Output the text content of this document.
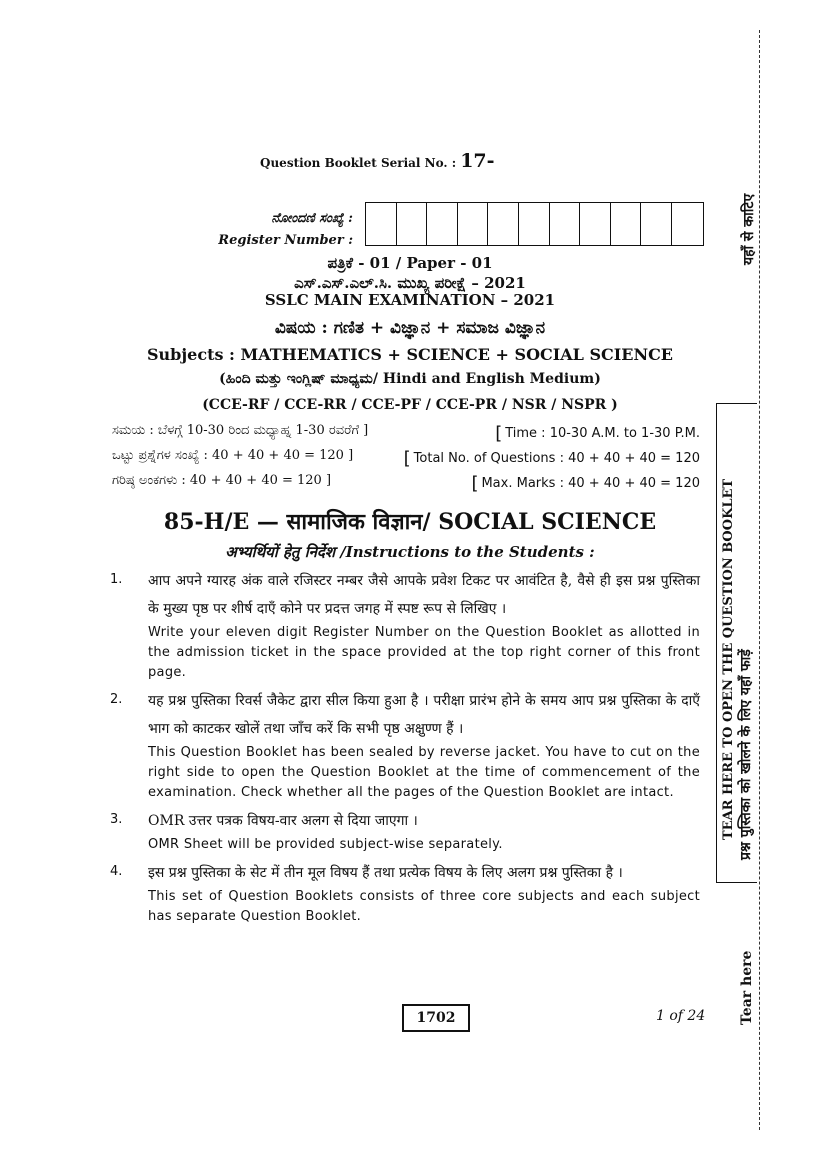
Question Booklet Serial No. : 17-
ನೋಂದಣಿ ಸಂಖ್ಯೆ :
Register Number :
ಪತ್ರಿಕೆ - 01 / Paper - 01
ಎಸ್.ಎಸ್.ಎಲ್.ಸಿ. ಮುಖ್ಯ ಪರೀಕ್ಷೆ – 2021
SSLC MAIN EXAMINATION – 2021
ವಿಷಯ : ಗಣಿತ + ವಿಜ್ಞಾನ + ಸಮಾಜ ವಿಜ್ಞಾನ
Subjects : MATHEMATICS + SCIENCE + SOCIAL SCIENCE
(ಹಿಂದಿ ಮತ್ತು ಇಂಗ್ಲಿಷ್ ಮಾಧ್ಯಮ/ Hindi and English Medium)
(CCE-RF / CCE-RR / CCE-PF / CCE-PR / NSR / NSPR )
ಸಮಯ : ಬೆಳಗ್ಗೆ 10-30 ರಿಂದ ಮಧ್ಯಾಹ್ನ 1-30 ರವರೆಗೆ ]	[ Time : 10-30 A.M. to 1-30 P.M.
ಒಟ್ಟು ಪ್ರಶ್ನೆಗಳ ಸಂಖ್ಯೆ : 40 + 40 + 40 = 120 ]	[ Total No. of Questions : 40 + 40 + 40 = 120
ಗರಿಷ್ಠ ಅಂಕಗಳು : 40 + 40 + 40 = 120 ]	[ Max. Marks : 40 + 40 + 40 = 120
85-H/E — सामाजिक विज्ञान/ SOCIAL SCIENCE
अभ्यर्थियों हेतु निर्देश /Instructions to the Students :
1.	आप अपने ग्यारह अंक वाले रजिस्टर नम्बर जैसे आपके प्रवेश टिकट पर आवंटित है, वैसे ही इस प्रश्न पुस्तिका के मुख्य पृष्ठ पर शीर्ष दाएँ कोने पर प्रदत्त जगह में स्पष्ट रूप से लिखिए ।
Write your eleven digit Register Number on the Question Booklet as allotted in the admission ticket in the space provided at the top right corner of this front page.
2.	यह प्रश्न पुस्तिका रिवर्स जैकेट द्वारा सील किया हुआ है । परीक्षा प्रारंभ होने के समय आप प्रश्न पुस्तिका के दाएँ भाग को काटकर खोलें तथा जाँच करें कि सभी पृष्ठ अक्षुण्ण हैं ।
This Question Booklet has been sealed by reverse jacket. You have to cut on the right side to open the Question Booklet at the time of commencement of the examination. Check whether all the pages of the Question Booklet are intact.
3.	OMR उत्तर पत्रक विषय-वार अलग से दिया जाएगा ।
OMR Sheet will be provided subject-wise separately.
4.	इस प्रश्न पुस्तिका के सेट में तीन मूल विषय हैं तथा प्रत्येक विषय के लिए अलग प्रश्न पुस्तिका है ।
This set of Question Booklets consists of three core subjects and each subject has separate Question Booklet.
1702	1 of 24
TEAR HERE TO OPEN THE QUESTION BOOKLET प्रश्न पुस्तिका को खोलने के लिए यहाँ फाड़ें
यहाँ से काटिए
Tear here
